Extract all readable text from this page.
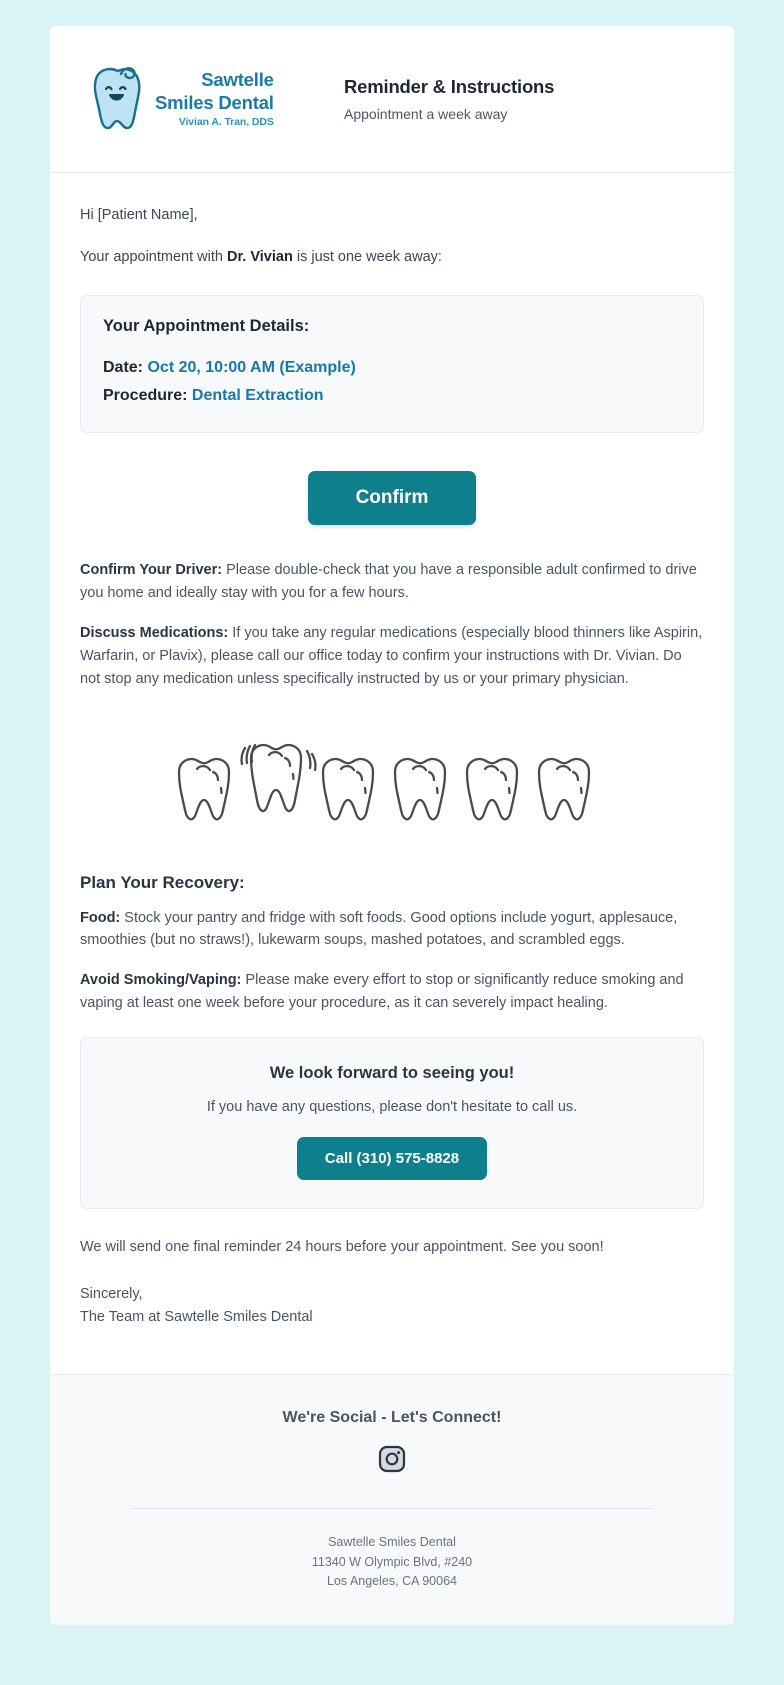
Sawtelle
Smiles Dental
Vivian A. Tran, DDS
Reminder & Instructions
Appointment a week away
Hi [Patient Name],
Your appointment with Dr. Vivian is just one week away:
Your Appointment Details:
Date: Oct 20, 10:00 AM (Example)
Procedure: Dental Extraction
Confirm
Confirm Your Driver: Please double-check that you have a responsible adult confirmed to drive you home and ideally stay with you for a few hours.
Discuss Medications: If you take any regular medications (especially blood thinners like Aspirin, Warfarin, or Plavix), please call our office today to confirm your instructions with Dr. Vivian. Do not stop any medication unless specifically instructed by us or your primary physician.
Plan Your Recovery:
Food: Stock your pantry and fridge with soft foods. Good options include yogurt, applesauce, smoothies (but no straws!), lukewarm soups, mashed potatoes, and scrambled eggs.
Avoid Smoking/Vaping: Please make every effort to stop or significantly reduce smoking and vaping at least one week before your procedure, as it can severely impact healing.
We look forward to seeing you!
If you have any questions, please don't hesitate to call us.
Call (310) 575-8828
We will send one final reminder 24 hours before your appointment. See you soon!
Sincerely,
The Team at Sawtelle Smiles Dental
We're Social - Let's Connect!
Sawtelle Smiles Dental
11340 W Olympic Blvd, #240
Los Angeles, CA 90064
